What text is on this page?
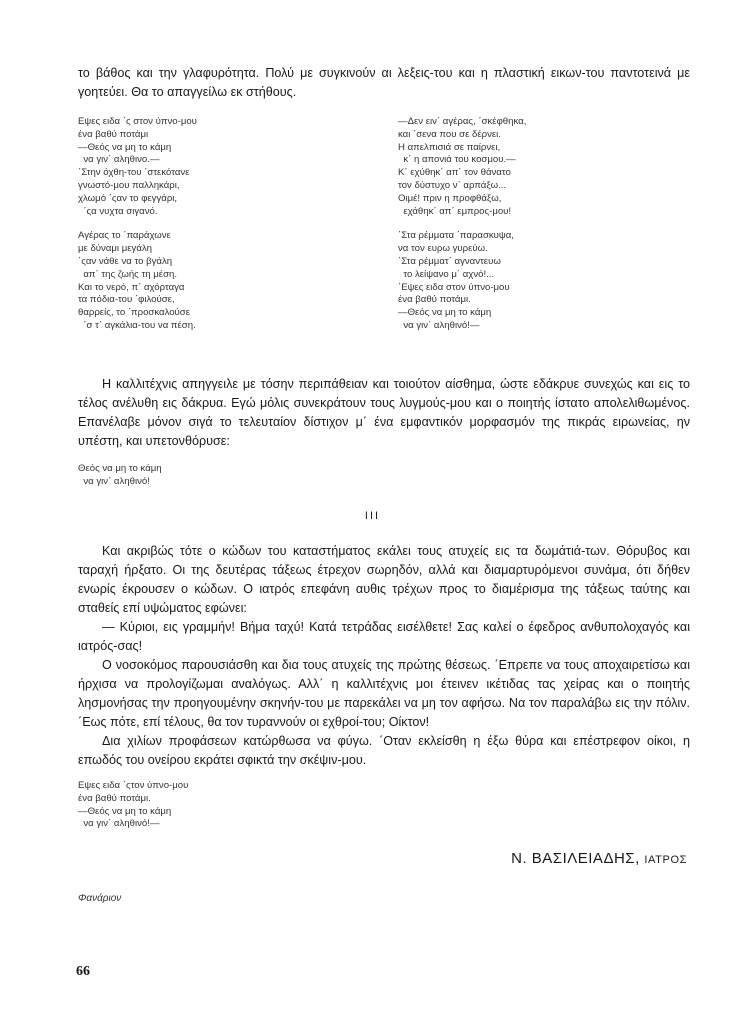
το βάθος και την γλαφυρότητα. Πολύ με συγκινούν αι λεξεις-του και η πλαστική εικων-του παντοτεινά με γοητεύει. Θα το απαγγείλω εκ στήθους.

Εψες ειδα ΄ς στον ύπνο-μου
ένα βαθύ ποτάμι
—Θεός να μη το κάμη
να γιν΄ αληθινο.—
΄Στην όχθη-του ΄στεκότανε
γνωστό-μου παλληκάρι,
χλωμό ΄ςαν το φεγγάρι,
΄ςα νυχτα σιγανό.
Αγέρας το ΄παράχωνε
με δύναμι μεγάλη
΄ςαν νάθε να το βγάλη
απ΄ της ζωής τη μέση.
Και το νερό, π΄ αχόρταγα
τα πόδια-του ΄φιλούσε,
θαρρείς, το ΄προσκαλούσε
΄σ τ΄ αγκάλια-του να πέση.
—Δεν ειν΄ αγέρας, ΄σκέφθηκα,
και ΄σενα που σε δέρνει.
Η απελπισιά σε παίρνει,
κ΄ η απονιά του κοσμου.—
Κ΄ εχύθηκ΄ απ΄ τον θάνατο
τον δύστυχο ν΄ αρπάξω...
Οιμέ! πριν η προφθάξω,
εχάθηκ΄ απ΄ εμπρος-μου!
΄Στα ρέμματα ΄παρασκυψα,
να τον ευρω γυρεύω.
΄Στα ρέμματ΄ αγναντευω
το λείψανο μ΄ αχνό!...
΄Εψες ειδα στον ύπνο-μου
ένα βαθύ ποτάμι.
—Θεός να μη το κάμη
να γιν΄ αληθινό!—

Η καλλιτέχνις απηγγειλε με τόσην περιπάθειαν και τοιούτον αίσθημα, ώστε εδάκρυε συνεχώς και εις το τέλος ανέλυθη εις δάκρυα. Εγώ μόλις συνεκράτουν τους λυγμούς-μου και ο ποιητής ίστατο απολελιθωμένος. Επανέλαβε μόνον σιγά το τελευταίον δίστιχον μ΄ ένα εμφαντικόν μορφασμόν της πικράς ειρωνείας, ην υπέστη, και υπετονθόρυσε:

Θεός να μη το κάμη
να γιν΄ αληθινό!
III

Και ακριβώς τότε ο κώδων του καταστήματος εκάλει τους ατυχείς εις τα δωμάτιά-των. Θόρυβος και ταραχή ήρξατο. Οι της δευτέρας τάξεως έτρεχον σωρηδόν, αλλά και διαμαρτυρόμενοι συνάμα, ότι δήθεν ενωρίς έκρουσεν ο κώδων. Ο ιατρός επεφάνη αυθις τρέχων προς το διαμέρισμα της τάξεως ταύτης και σταθείς επί υψώματος εφώνει:

— Κύριοι, εις γραμμήν! Βήμα ταχύ! Κατά τετράδας εισέλθετε! Σας καλεί ο έφεδρος ανθυπολοχαγός και ιατρός-σας!

Ο νοσοκόμος παρουσιάσθη και δια τους ατυχείς της πρώτης θέσεως. ΄Επρεπε να τους αποχαιρετίσω και ήρχισα να προλογίζωμαι αναλόγως. Αλλ΄ η καλλιτέχνις μοι έτεινεν ικέτιδας τας χείρας και ο ποιητής λησμονήσας την προηγουμένην σκηνήν-του με παρεκάλει να μη τον αφήσω. Να τον παραλάβω εις την πόλιν. ΄Εως πότε, επί τέλους, θα τον τυραννούν οι εχθροί-του; Οίκτον!

Δια χιλίων προφάσεων κατώρθωσα να φύγω. ΄Οταν εκλείσθη η έξω θύρα και επέστρεφον οίκοι, η επωδός του ονείρου εκράτει σφικτά την σκέψιν-μου.

Εψες ειδα ΄ςτον ύπνο-μου
ένα βαθύ ποτάμι.
—Θεός να μη το κάμη
να γιν΄ αληθινό!—
Ν. ΒΑΣΙΛΕΙΑΔΗΣ, ΙΑΤΡΟΣ
Φανάριον
66
